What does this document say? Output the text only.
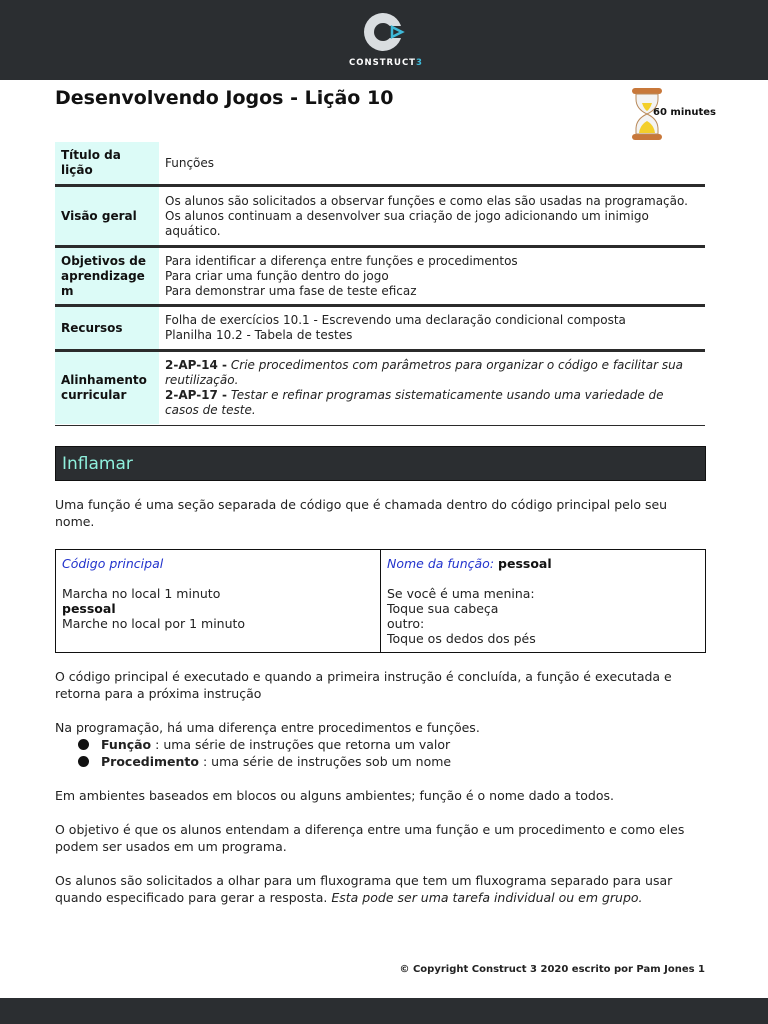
CONSTRUCT3
Desenvolvendo Jogos - Lição 10
60 minutes
Título da lição
Funções
Visão geral
Os alunos são solicitados a observar funções e como elas são usadas na programação. Os alunos continuam a desenvolver sua criação de jogo adicionando um inimigo aquático.
Objetivos de aprendizage m
Para identificar a diferença entre funções e procedimentos
Para criar uma função dentro do jogo
Para demonstrar uma fase de teste eficaz
Recursos
Folha de exercícios 10.1 - Escrevendo uma declaração condicional composta
Planilha 10.2 - Tabela de testes
Alinhamento curricular
2-AP-14 - Crie procedimentos com parâmetros para organizar o código e facilitar sua reutilização.
2-AP-17 - Testar e refinar programas sistematicamente usando uma variedade de casos de teste.
Inflamar
Uma função é uma seção separada de código que é chamada dentro do código principal pelo seu nome.
Código principal
Marcha no local 1 minuto
pessoal
Marche no local por 1 minuto
Nome da função: pessoal
Se você é uma menina:
Toque sua cabeça
outro:
Toque os dedos dos pés
O código principal é executado e quando a primeira instrução é concluída, a função é executada e retorna para a próxima instrução
Na programação, há uma diferença entre procedimentos e funções.
Função : uma série de instruções que retorna um valor
Procedimento : uma série de instruções sob um nome
Em ambientes baseados em blocos ou alguns ambientes; função é o nome dado a todos.
O objetivo é que os alunos entendam a diferença entre uma função e um procedimento e como eles podem ser usados em um programa.
Os alunos são solicitados a olhar para um fluxograma que tem um fluxograma separado para usar quando especificado para gerar a resposta. Esta pode ser uma tarefa individual ou em grupo.
© Copyright Construct 3 2020 escrito por Pam Jones 1
